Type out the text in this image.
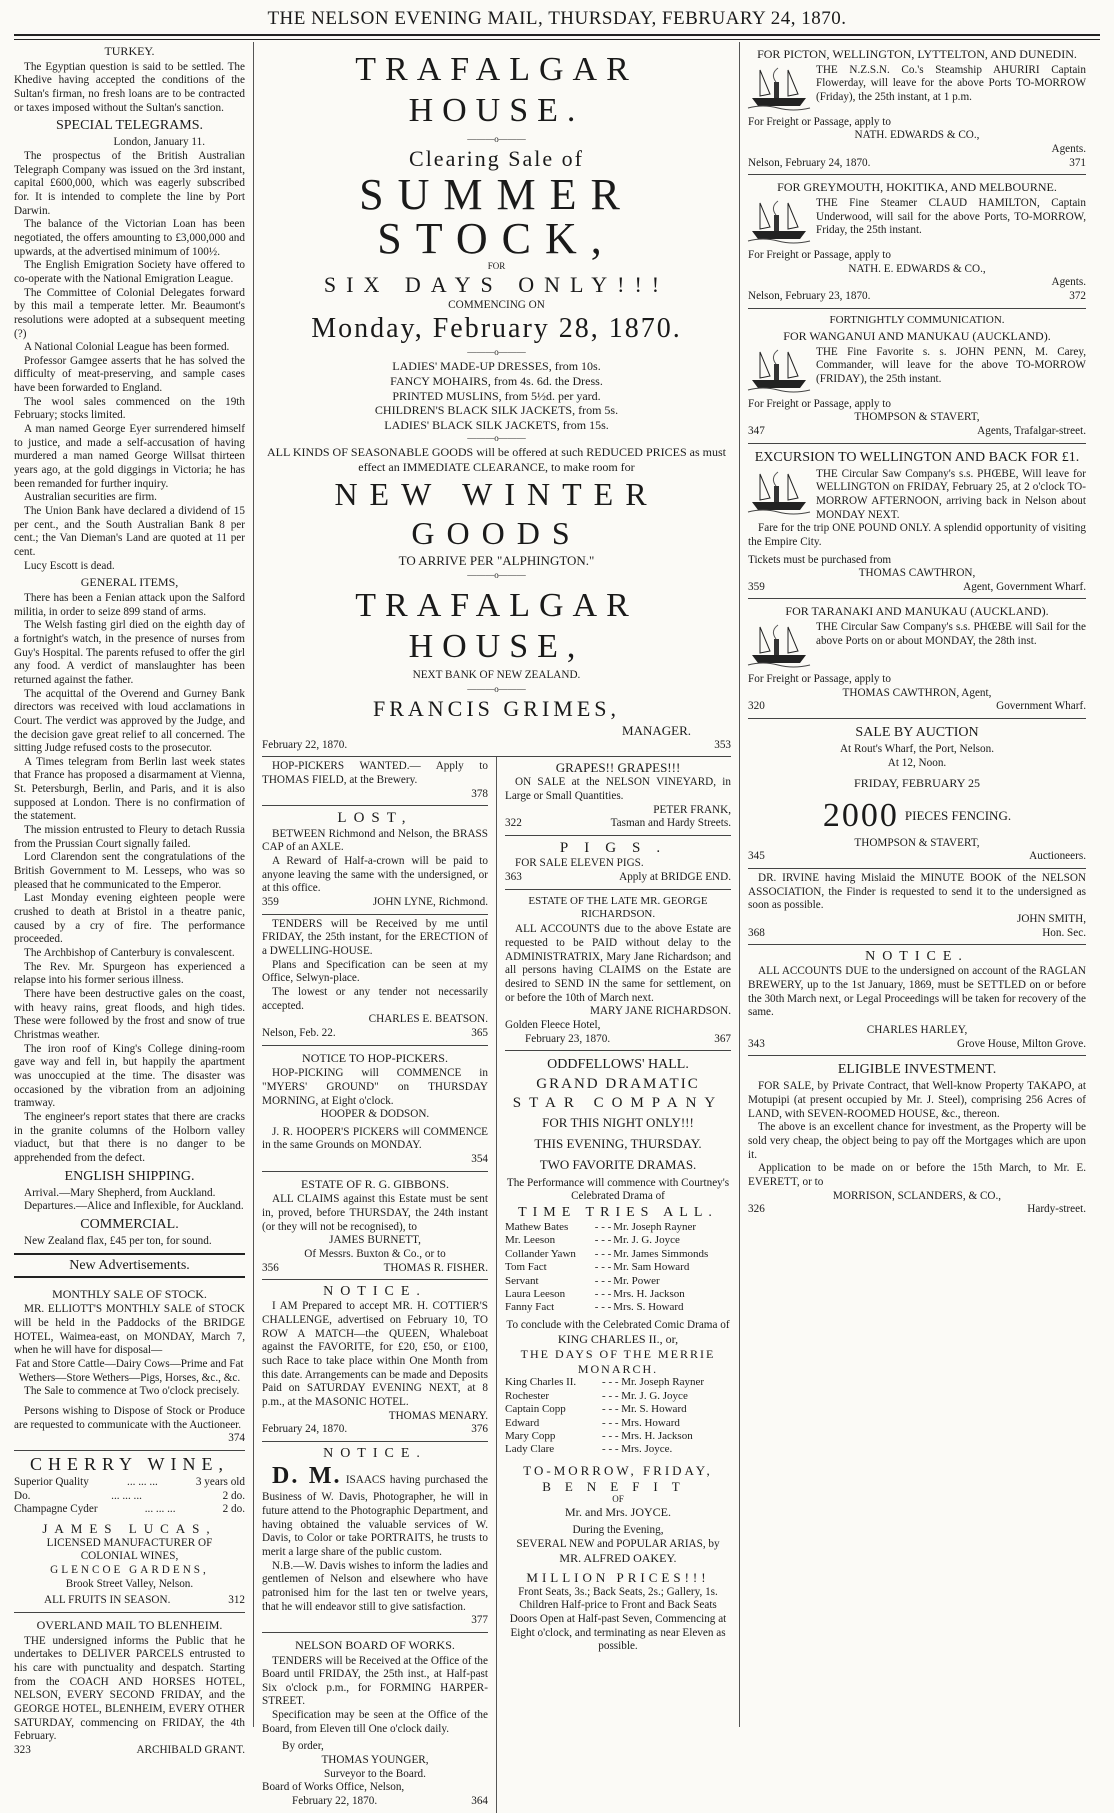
THE NELSON EVENING MAIL, THURSDAY, FEBRUARY 24, 1870.
TURKEY.

The Egyptian question is said to be settled. The Khedive having accepted the conditions of the Sultan's firman, no fresh loans are to be contracted or taxes imposed without the Sultan's sanction.

SPECIAL TELEGRAMS.

London, January 11.

The prospectus of the British Australian Telegraph Company was issued on the 3rd instant, capital £600,000, which was eagerly subscribed for. It is intended to complete the line by Port Darwin.

The balance of the Victorian Loan has been negotiated, the offers amounting to £3,000,000 and upwards, at the advertised minimum of 100½.

The English Emigration Society have offered to co-operate with the National Emigration League.

The Committee of Colonial Delegates forward by this mail a temperate letter. Mr. Beaumont's resolutions were adopted at a subsequent meeting (?)

A National Colonial League has been formed.

Professor Gamgee asserts that he has solved the difficulty of meat-preserving, and sample cases have been forwarded to England.

The wool sales commenced on the 19th February; stocks limited.

A man named George Eyer surrendered himself to justice, and made a self-accusation of having murdered a man named George Willsat thirteen years ago, at the gold diggings in Victoria; he has been remanded for further inquiry.

Australian securities are firm.

The Union Bank have declared a dividend of 15 per cent., and the South Australian Bank 8 per cent.; the Van Dieman's Land are quoted at 11 per cent.

Lucy Escott is dead.

GENERAL ITEMS,

There has been a Fenian attack upon the Salford militia, in order to seize 899 stand of arms.

The Welsh fasting girl died on the eighth day of a fortnight's watch, in the presence of nurses from Guy's Hospital. The parents refused to offer the girl any food. A verdict of manslaughter has been returned against the father.

The acquittal of the Overend and Gurney Bank directors was received with loud acclamations in Court. The verdict was approved by the Judge, and the decision gave great relief to all concerned. The sitting Judge refused costs to the prosecutor.

A Times telegram from Berlin last week states that France has proposed a disarmament at Vienna, St. Petersburgh, Berlin, and Paris, and it is also supposed at London. There is no confirmation of the statement.

The mission entrusted to Fleury to detach Russia from the Prussian Court signally failed.

Lord Clarendon sent the congratulations of the British Government to M. Lesseps, who was so pleased that he communicated to the Emperor.

Last Monday evening eighteen people were crushed to death at Bristol in a theatre panic, caused by a cry of fire. The performance proceeded.

The Archbishop of Canterbury is convalescent.

The Rev. Mr. Spurgeon has experienced a relapse into his former serious illness.

There have been destructive gales on the coast, with heavy rains, great floods, and high tides. These were followed by the frost and snow of true Christmas weather.

The iron roof of King's College dining-room gave way and fell in, but happily the apartment was unoccupied at the time. The disaster was occasioned by the vibration from an adjoining tramway.

The engineer's report states that there are cracks in the granite columns of the Holborn valley viaduct, but that there is no danger to be apprehended from the defect.

ENGLISH SHIPPING.

Arrival.—Mary Shepherd, from Auckland.

Departures.—Alice and Inflexible, for Auckland.

COMMERCIAL.

New Zealand flax, £45 per ton, for sound.

New Advertisements.
MONTHLY SALE OF STOCK.

MR. ELLIOTT'S MONTHLY SALE of STOCK will be held in the Paddocks of the BRIDGE HOTEL, Waimea-east, on MONDAY, March 7, when he will have for disposal—

Fat and Store Cattle—Dairy Cows—Prime and Fat Wethers—Store Wethers—Pigs, Horses, &c., &c.

The Sale to commence at Two o'clock precisely.

Persons wishing to Dispose of Stock or Produce are requested to communicate with the Auctioneer.

374

CHERRY WINE,
Superior Quality	... ... ...	3 years old
Do.	... ... ...	2 do.
Champagne Cyder	... ... ...	2 do.
JAMES LUCAS,
LICENSED MANUFACTURER OF
COLONIAL WINES,
GLENCOE GARDENS,
Brook Street Valley, Nelson.
ALL FRUITS IN SEASON.	312
OVERLAND MAIL TO BLENHEIM.

THE undersigned informs the Public that he undertakes to DELIVER PARCELS entrusted to his care with punctuality and despatch. Starting from the COACH AND HORSES HOTEL, NELSON, EVERY SECOND FRIDAY, and the GEORGE HOTEL, BLENHEIM, EVERY OTHER SATURDAY, commencing on FRIDAY, the 4th February.

323	ARCHIBALD GRANT.
TRAFALGAR HOUSE.
———o———
Clearing Sale of
SUMMER STOCK,
FOR
SIX DAYS ONLY!!!
COMMENCING ON
Monday, February 28, 1870.
———o———

LADIES' MADE-UP DRESSES, from 10s.

FANCY MOHAIRS, from 4s. 6d. the Dress.

PRINTED MUSLINS, from 5½d. per yard.

CHILDREN'S BLACK SILK JACKETS, from 5s.

LADIES' BLACK SILK JACKETS, from 15s.

———o———

ALL KINDS OF SEASONABLE GOODS will be offered at such REDUCED PRICES as must effect an IMMEDIATE CLEARANCE, to make room for

NEW WINTER GOODS
TO ARRIVE PER "ALPHINGTON."
———o———
TRAFALGAR HOUSE,
NEXT BANK OF NEW ZEALAND.
———o———
FRANCIS GRIMES,

MANAGER.

February 22, 1870.	353

HOP-PICKERS WANTED.— Apply to THOMAS FIELD, at the Brewery.

378

LOST,

BETWEEN Richmond and Nelson, the BRASS CAP of an AXLE.

A Reward of Half-a-crown will be paid to anyone leaving the same with the undersigned, or at this office.

359	JOHN LYNE, Richmond.

TENDERS will be Received by me until FRIDAY, the 25th instant, for the ERECTION of a DWELLING-HOUSE.

Plans and Specification can be seen at my Office, Selwyn-place.

The lowest or any tender not necessarily accepted.

CHARLES E. BEATSON.

Nelson, Feb. 22.	365
NOTICE TO HOP-PICKERS.

HOP-PICKING will COMMENCE in "MYERS' GROUND" on THURSDAY MORNING, at Eight o'clock.

HOOPER & DODSON.

J. R. HOOPER'S PICKERS will COMMENCE in the same Grounds on MONDAY.

354

ESTATE OF R. G. GIBBONS.

ALL CLAIMS against this Estate must be sent in, proved, before THURSDAY, the 24th instant (or they will not be recognised), to

JAMES BURNETT,

Of Messrs. Buxton & Co., or to

356	THOMAS R. FISHER.
NOTICE.

I AM Prepared to accept MR. H. COTTIER'S CHALLENGE, advertised on February 10, TO ROW A MATCH—the QUEEN, Whaleboat against the FAVORITE, for £20, £50, or £100, such Race to take place within One Month from this date. Arrangements can be made and Deposits Paid on SATURDAY EVENING NEXT, at 8 p.m., at the MASONIC HOTEL.

THOMAS MENARY.

February 24, 1870.	376
NOTICE.

D. M. ISAACS having purchased the Business of W. Davis, Photographer, he will in future attend to the Photographic Department, and having obtained the valuable services of W. Davis, to Color or take PORTRAITS, he trusts to merit a large share of the public custom.

N.B.—W. Davis wishes to inform the ladies and gentlemen of Nelson and elsewhere who have patronised him for the last ten or twelve years, that he will endeavor still to give satisfaction.

377

NELSON BOARD OF WORKS.

TENDERS will be Received at the Office of the Board until FRIDAY, the 25th inst., at Half-past Six o'clock p.m., for FORMING HARPER-STREET.

Specification may be seen at the Office of the Board, from Eleven till One o'clock daily.

By order,

THOMAS YOUNGER,

Surveyor to the Board.

Board of Works Office, Nelson,

February 22, 1870.	364
GRAPES!! GRAPES!!!

ON SALE at the NELSON VINEYARD, in Large or Small Quantities.

PETER FRANK,

322	Tasman and Hardy Streets.
PIGS.

FOR SALE ELEVEN PIGS.

363	Apply at BRIDGE END.
ESTATE OF THE LATE MR. GEORGE RICHARDSON.

ALL ACCOUNTS due to the above Estate are requested to be PAID without delay to the ADMINISTRATRIX, Mary Jane Richardson; and all persons having CLAIMS on the Estate are desired to SEND IN the same for settlement, on or before the 10th of March next.

MARY JANE RICHARDSON.

Golden Fleece Hotel,

February 23, 1870.	367
ODDFELLOWS' HALL.
GRAND DRAMATIC
STAR COMPANY
FOR THIS NIGHT ONLY!!!
THIS EVENING, THURSDAY.
TWO FAVORITE DRAMAS.

The Performance will commence with Courtney's Celebrated Drama of

TIME TRIES ALL.
Mathew Bates	- - -	Mr. Joseph Rayner
Mr. Leeson	- - -	Mr. J. G. Joyce
Collander Yawn	- - -	Mr. James Simmonds
Tom Fact	- - -	Mr. Sam Howard
Servant	- - -	Mr. Power
Laura Leeson	- - -	Mrs. H. Jackson
Fanny Fact	- - -	Mrs. S. Howard

To conclude with the Celebrated Comic Drama of

KING CHARLES II., or,
THE DAYS OF THE MERRIE MONARCH.
King Charles II.	- - -	Mr. Joseph Rayner
Rochester	- - -	Mr. J. G. Joyce
Captain Copp	- - -	Mr. S. Howard
Edward	- - -	Mrs. Howard
Mary Copp	- - -	Mrs. H. Jackson
Lady Clare	- - -	Mrs. Joyce.
TO-MORROW, FRIDAY,
BENEFIT
OF
Mr. and Mrs. JOYCE.

During the Evening,

SEVERAL NEW and POPULAR ARIAS, by

MR. ALFRED OAKEY.
MILLION PRICES!!!

Front Seats, 3s.; Back Seats, 2s.; Gallery, 1s. Children Half-price to Front and Back Seats

Doors Open at Half-past Seven, Commencing at Eight o'clock, and terminating as near Eleven as possible.

FOR PICTON, WELLINGTON, LYTTELTON, AND DUNEDIN.

THE N.Z.S.N. Co.'s Steamship AHURIRI Captain Flowerday, will leave for the above Ports TO-MORROW (Friday), the 25th instant, at 1 p.m.

For Freight or Passage, apply to

NATH. EDWARDS & CO.,

Agents.

Nelson, February 24, 1870.	371
FOR GREYMOUTH, HOKITIKA, AND MELBOURNE.

THE Fine Steamer CLAUD HAMILTON, Captain Underwood, will sail for the above Ports, TO-MORROW, Friday, the 25th instant.

For Freight or Passage, apply to

NATH. E. EDWARDS & CO.,

Agents.

Nelson, February 23, 1870.	372
FORTNIGHTLY COMMUNICATION.
FOR WANGANUI AND MANUKAU (AUCKLAND).

THE Fine Favorite s. s. JOHN PENN, M. Carey, Commander, will leave for the above TO-MORROW (FRIDAY), the 25th instant.

For Freight or Passage, apply to

THOMPSON & STAVERT,

347	Agents, Trafalgar-street.
EXCURSION TO WELLINGTON AND BACK FOR £1.

THE Circular Saw Company's s.s. PHŒBE, Will leave for WELLINGTON on FRIDAY, February 25, at 2 o'clock TO-MORROW AFTERNOON, arriving back in Nelson about MONDAY NEXT.

Fare for the trip ONE POUND ONLY. A splendid opportunity of visiting the Empire City.

Tickets must be purchased from

THOMAS CAWTHRON,

359	Agent, Government Wharf.
FOR TARANAKI AND MANUKAU (AUCKLAND).

THE Circular Saw Company's s.s. PHŒBE will Sail for the above Ports on or about MONDAY, the 28th inst.

For Freight or Passage, apply to

THOMAS CAWTHRON, Agent,

320	Government Wharf.
SALE BY AUCTION
At Rout's Wharf, the Port, Nelson.
At 12, Noon.
FRIDAY, FEBRUARY 25
2000 PIECES FENCING.

THOMPSON & STAVERT,

345	Auctioneers.

DR. IRVINE having Mislaid the MINUTE BOOK of the NELSON ASSOCIATION, the Finder is requested to send it to the undersigned as soon as possible.

JOHN SMITH,

368	Hon. Sec.
NOTICE.

ALL ACCOUNTS DUE to the undersigned on account of the RAGLAN BREWERY, up to the 1st January, 1869, must be SETTLED on or before the 30th March next, or Legal Proceedings will be taken for recovery of the same.

CHARLES HARLEY,

343	Grove House, Milton Grove.
ELIGIBLE INVESTMENT.

FOR SALE, by Private Contract, that Well-know Property TAKAPO, at Motupipi (at present occupied by Mr. J. Steel), comprising 256 Acres of LAND, with SEVEN-ROOMED HOUSE, &c., thereon.

The above is an excellent chance for investment, as the Property will be sold very cheap, the object being to pay off the Mortgages which are upon it.

Application to be made on or before the 15th March, to Mr. E. EVERETT, or to

MORRISON, SCLANDERS, & CO.,

326	Hardy-street.
